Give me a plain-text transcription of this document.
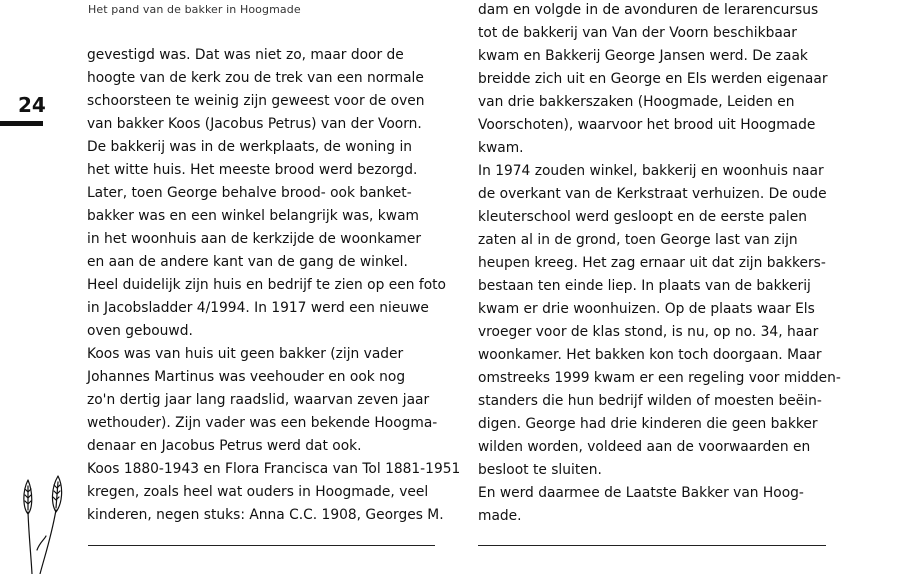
Het pand van de bakker in Hoogmade
24
gevestigd was. Dat was niet zo, maar door de
hoogte van de kerk zou de trek van een normale
schoorsteen te weinig zijn geweest voor de oven
van bakker Koos (Jacobus Petrus) van der Voorn.
De bakkerij was in de werkplaats, de woning in
het witte huis. Het meeste brood werd bezorgd.
Later, toen George behalve brood- ook banket-
bakker was en een winkel belangrijk was, kwam
in het woonhuis aan de kerkzijde de woonkamer
en aan de andere kant van de gang de winkel.
Heel duidelijk zijn huis en bedrijf te zien op een foto
in Jacobsladder 4/1994. In 1917 werd een nieuwe
oven gebouwd.
Koos was van huis uit geen bakker (zijn vader
Johannes Martinus was veehouder en ook nog
zo'n dertig jaar lang raadslid, waarvan zeven jaar
wethouder). Zijn vader was een bekende Hoogma-
denaar en Jacobus Petrus werd dat ook.
Koos 1880-1943 en Flora Francisca van Tol 1881-1951
kregen, zoals heel wat ouders in Hoogmade, veel
kinderen, negen stuks: Anna C.C. 1908, Georges M.
dam en volgde in de avonduren de lerarencursus
tot de bakkerij van Van der Voorn beschikbaar
kwam en Bakkerij George Jansen werd. De zaak
breidde zich uit en George en Els werden eigenaar
van drie bakkerszaken (Hoogmade, Leiden en
Voorschoten), waarvoor het brood uit Hoogmade
kwam.
In 1974 zouden winkel, bakkerij en woonhuis naar
de overkant van de Kerkstraat verhuizen. De oude
kleuterschool werd gesloopt en de eerste palen
zaten al in de grond, toen George last van zijn
heupen kreeg. Het zag ernaar uit dat zijn bakkers-
bestaan ten einde liep. In plaats van de bakkerij
kwam er drie woonhuizen. Op de plaats waar Els
vroeger voor de klas stond, is nu, op no. 34, haar
woonkamer. Het bakken kon toch doorgaan. Maar
omstreeks 1999 kwam er een regeling voor midden-
standers die hun bedrijf wilden of moesten beëin-
digen. George had drie kinderen die geen bakker
wilden worden, voldeed aan de voorwaarden en
besloot te sluiten.
En werd daarmee de Laatste Bakker van Hoog-
made.
